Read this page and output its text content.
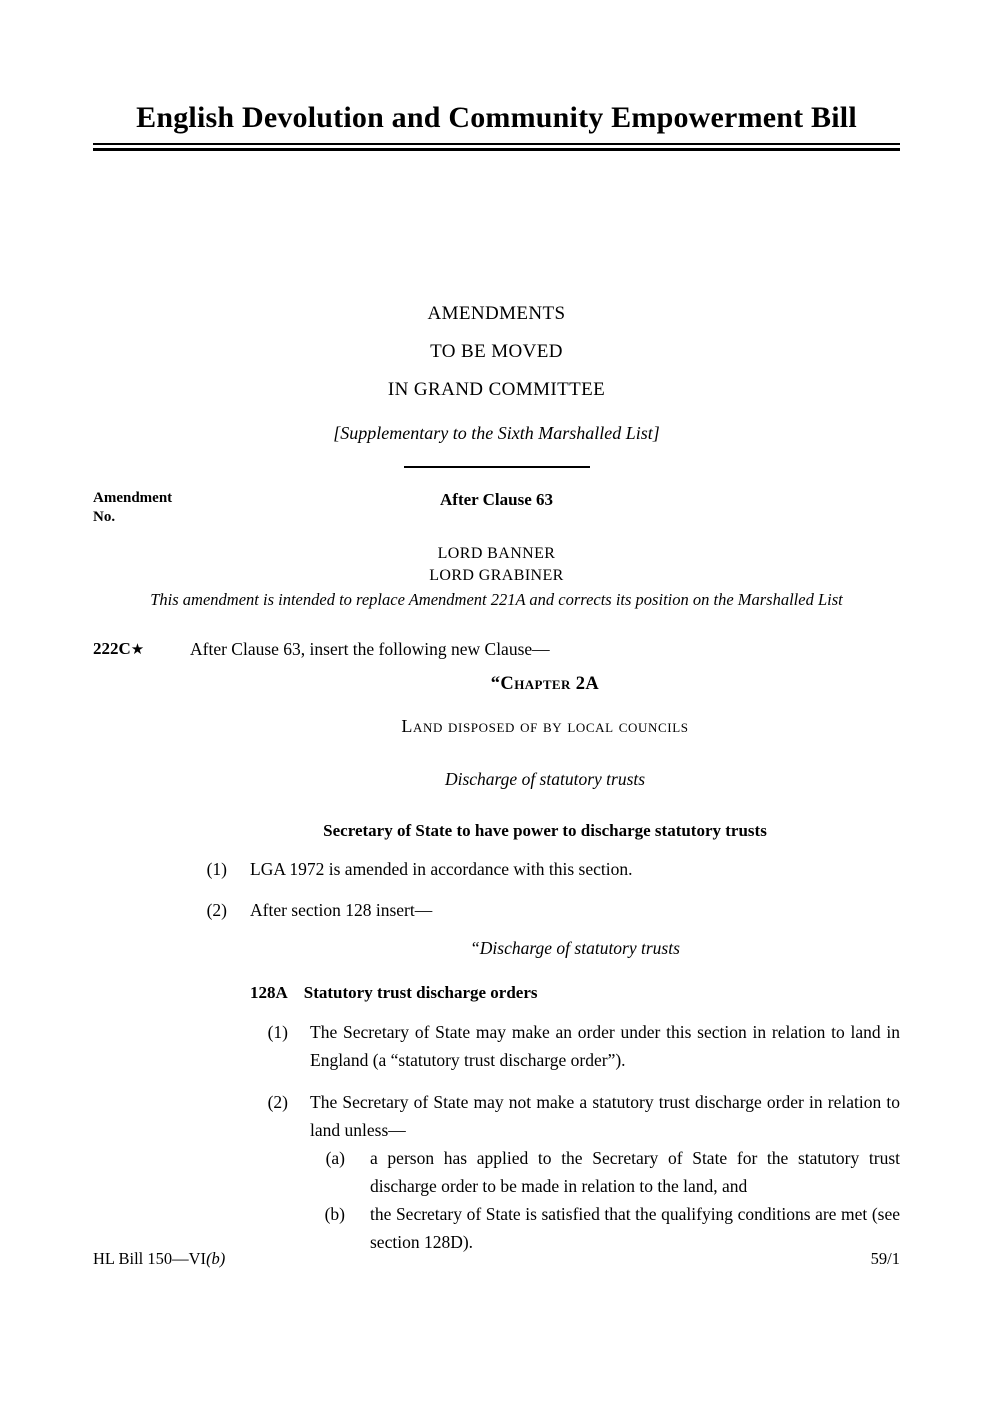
English Devolution and Community Empowerment Bill
AMENDMENTS
TO BE MOVED
IN GRAND COMMITTEE
[Supplementary to the Sixth Marshalled List]
Amendment
No.
After Clause 63
LORD BANNER
LORD GRABINER
This amendment is intended to replace Amendment 221A and corrects its position on the Marshalled List
222C★	After Clause 63, insert the following new Clause—
“Chapter 2A
Land disposed of by local councils
Discharge of statutory trusts
Secretary of State to have power to discharge statutory trusts
(1) LGA 1972 is amended in accordance with this section.
(2) After section 128 insert—
“Discharge of statutory trusts
128A Statutory trust discharge orders
(1) The Secretary of State may make an order under this section in relation to land in England (a “statutory trust discharge order”).
(2) The Secretary of State may not make a statutory trust discharge order in relation to land unless—
(a) a person has applied to the Secretary of State for the statutory trust discharge order to be made in relation to the land, and
(b) the Secretary of State is satisfied that the qualifying conditions are met (see section 128D).
HL Bill 150—VI(b)	59/1
